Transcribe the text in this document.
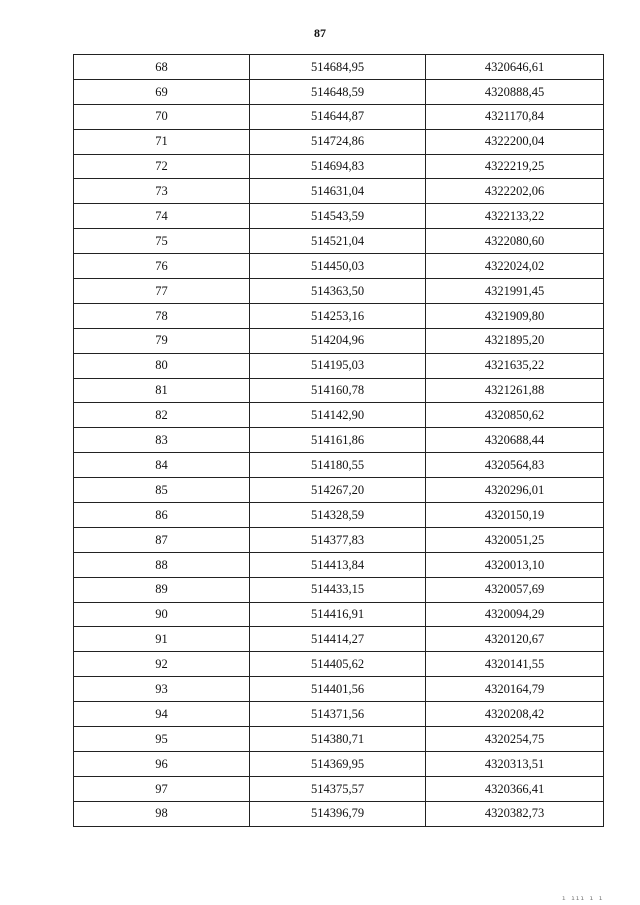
87
68	514684,95	4320646,61
69	514648,59	4320888,45
70	514644,87	4321170,84
71	514724,86	4322200,04
72	514694,83	4322219,25
73	514631,04	4322202,06
74	514543,59	4322133,22
75	514521,04	4322080,60
76	514450,03	4322024,02
77	514363,50	4321991,45
78	514253,16	4321909,80
79	514204,96	4321895,20
80	514195,03	4321635,22
81	514160,78	4321261,88
82	514142,90	4320850,62
83	514161,86	4320688,44
84	514180,55	4320564,83
85	514267,20	4320296,01
86	514328,59	4320150,19
87	514377,83	4320051,25
88	514413,84	4320013,10
89	514433,15	4320057,69
90	514416,91	4320094,29
91	514414,27	4320120,67
92	514405,62	4320141,55
93	514401,56	4320164,79
94	514371,56	4320208,42
95	514380,71	4320254,75
96	514369,95	4320313,51
97	514375,57	4320366,41
98	514396,79	4320382,73
ı ııı ı ı
